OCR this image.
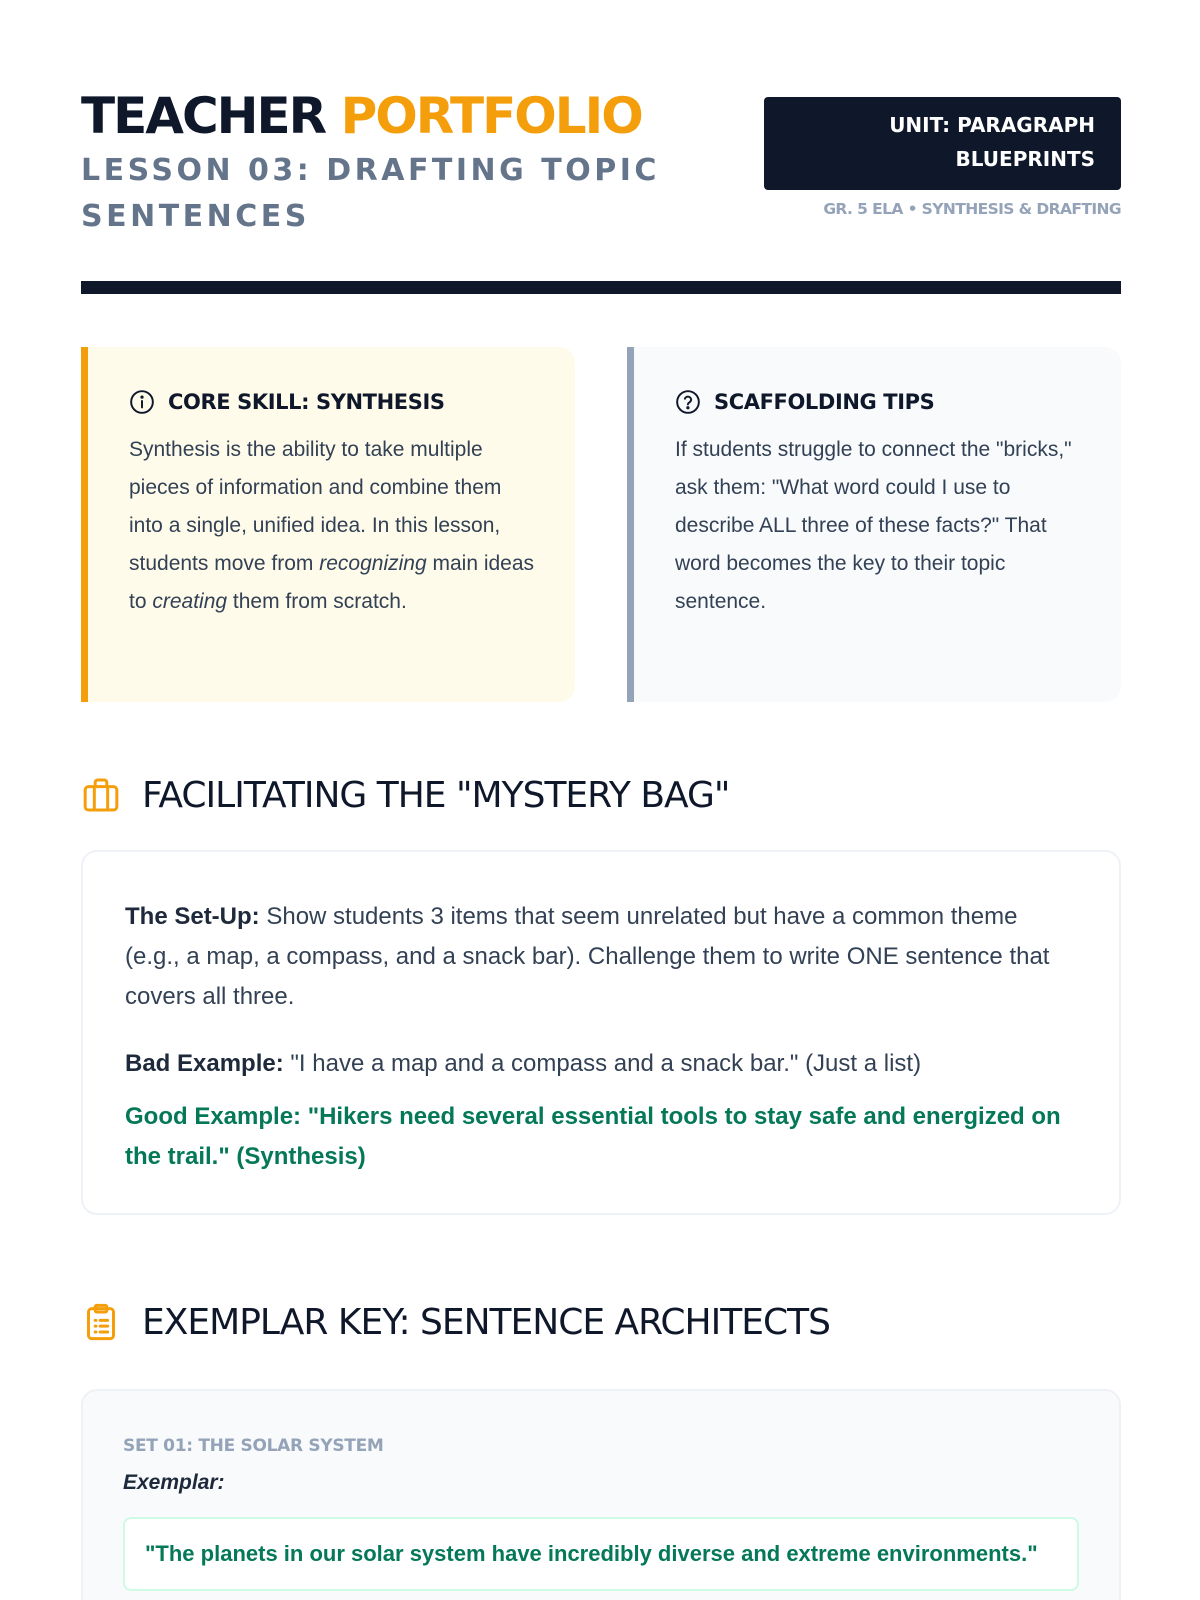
TEACHER PORTFOLIO
LESSON 03: DRAFTING TOPIC SENTENCES
UNIT: PARAGRAPH BLUEPRINTS
GR. 5 ELA • SYNTHESIS & DRAFTING
CORE SKILL: SYNTHESIS
Synthesis is the ability to take multiple pieces of information and combine them into a single, unified idea. In this lesson, students move from recognizing main ideas to creating them from scratch.
SCAFFOLDING TIPS
If students struggle to connect the "bricks," ask them: "What word could I use to describe ALL three of these facts?" That word becomes the key to their topic sentence.
FACILITATING THE "MYSTERY BAG"

The Set-Up: Show students 3 items that seem unrelated but have a common theme (e.g., a map, a compass, and a snack bar). Challenge them to write ONE sentence that covers all three.

Bad Example: "I have a map and a compass and a snack bar." (Just a list)

Good Example: "Hikers need several essential tools to stay safe and energized on the trail." (Synthesis)

EXEMPLAR KEY: SENTENCE ARCHITECTS
SET 01: THE SOLAR SYSTEM
Exemplar:
"The planets in our solar system have incredibly diverse and extreme environments."
